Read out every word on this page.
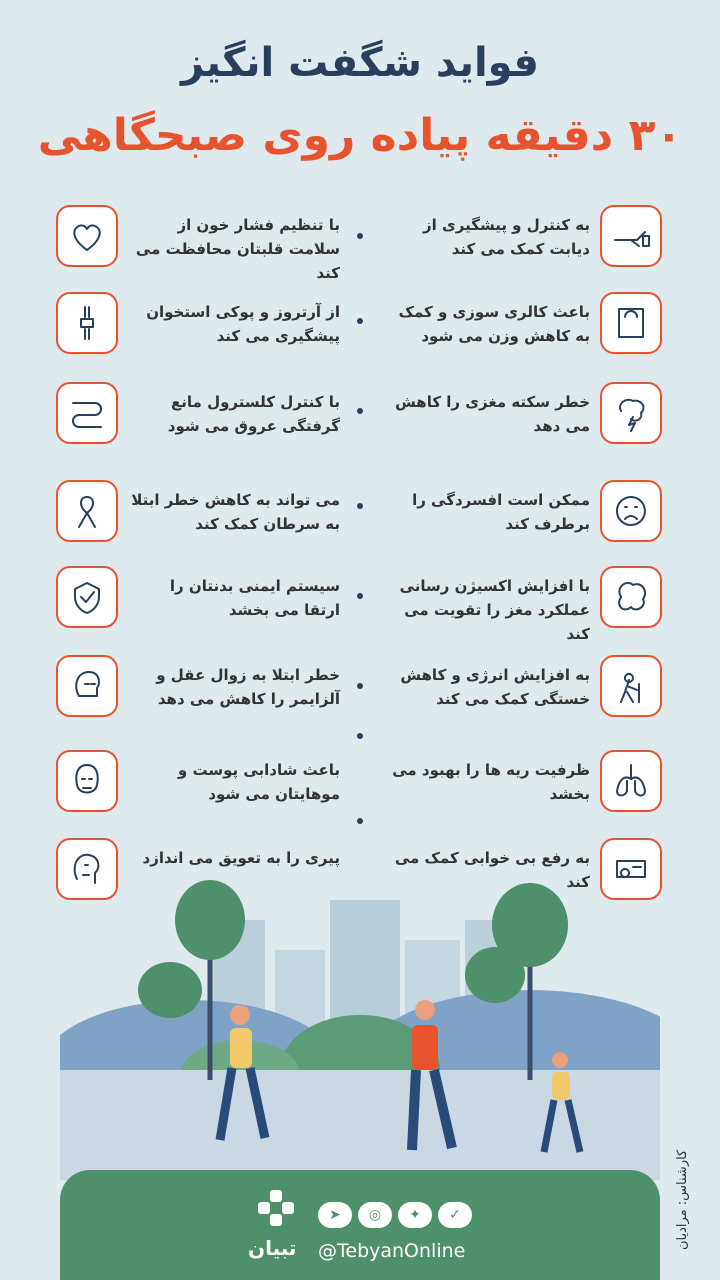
فواید شگفت انگیز
۳۰ دقیقه پیاده روی صبحگاهی
به کنترل و پیشگیری از دیابت کمک می کند
با تنظیم فشار خون از سلامت قلبتان محافظت می کند
باعث کالری سوزی و کمک به کاهش وزن می شود
از آرتروز و پوکی استخوان پیشگیری می کند
خطر سکته مغزی را کاهش می دهد
با کنترل کلسترول مانع گرفتگی عروق می شود
ممکن است افسردگی را برطرف کند
می تواند به کاهش خطر ابتلا به سرطان کمک کند
با افزایش اکسیژن رسانی عملکرد مغز را تقویت می کند
سیستم ایمنی بدنتان را ارتقا می بخشد
به افزایش انرژی و کاهش خستگی کمک می کند
خطر ابتلا به زوال عقل و آلزایمر را کاهش می دهد
ظرفیت ریه ها را بهبود می بخشد
باعث شادابی پوست و موهایتان می شود
به رفع بی خوابی کمک می کند
پیری را به تعویق می اندازد
تبیان
➤	◎	✦	✓
@TebyanOnline
کارشناس: مرادیان
